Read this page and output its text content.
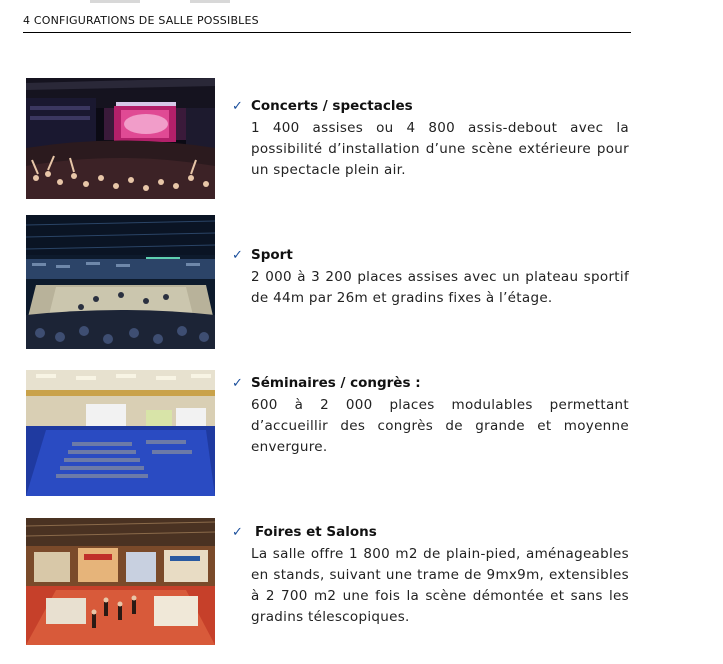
4 CONFIGURATIONS DE SALLE POSSIBLES
✓ Concerts / spectacles

1 400 assises ou 4 800 assis-debout avec la possibilité d’installation d’une scène extérieure pour un spectacle plein air.

✓ Sport

2 000 à 3 200 places assises avec un plateau sportif de 44m par 26m et gradins fixes à l’étage.

✓ Séminaires / congrès :

600 à 2 000 places modulables permettant d’accueillir des congrès de grande et moyenne envergure.

✓ Foires et Salons

La salle offre 1 800 m2 de plain-pied, aménageables en stands, suivant une trame de 9mx9m, extensibles à 2 700 m2 une fois la scène démontée et sans les gradins télescopiques.
